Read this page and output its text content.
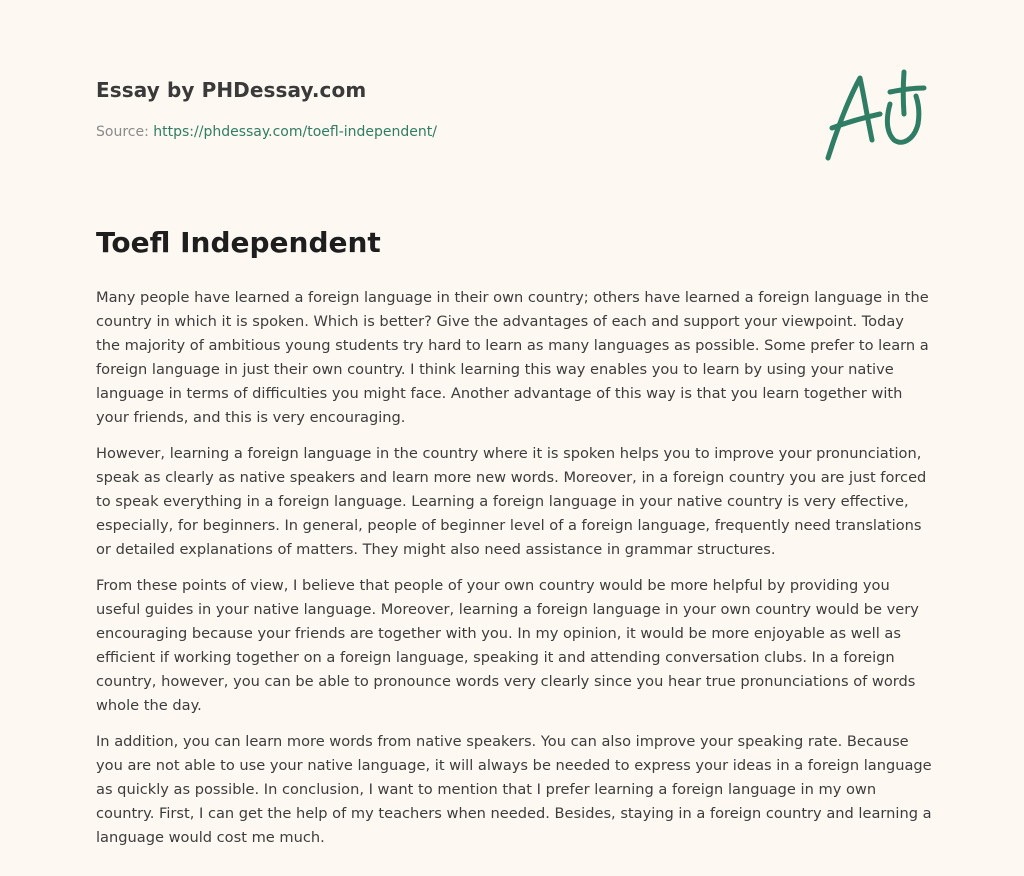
Essay by PHDessay.com
Source: https://phdessay.com/toefl-independent/
Toefl Independent

Many people have learned a foreign language in their own country; others have learned a foreign language in the country in which it is spoken. Which is better? Give the advantages of each and support your viewpoint. Today the majority of ambitious young students try hard to learn as many languages as possible. Some prefer to learn a foreign language in just their own country. I think learning this way enables you to learn by using your native language in terms of difficulties you might face. Another advantage of this way is that you learn together with your friends, and this is very encouraging.

However, learning a foreign language in the country where it is spoken helps you to improve your pronunciation, speak as clearly as native speakers and learn more new words. Moreover, in a foreign country you are just forced to speak everything in a foreign language. Learning a foreign language in your native country is very effective, especially, for beginners. In general, people of beginner level of a foreign language, frequently need translations or detailed explanations of matters. They might also need assistance in grammar structures.

From these points of view, I believe that people of your own country would be more helpful by providing you useful guides in your native language. Moreover, learning a foreign language in your own country would be very encouraging because your friends are together with you. In my opinion, it would be more enjoyable as well as efficient if working together on a foreign language, speaking it and attending conversation clubs. In a foreign country, however, you can be able to pronounce words very clearly since you hear true pronunciations of words whole the day.

In addition, you can learn more words from native speakers. You can also improve your speaking rate. Because you are not able to use your native language, it will always be needed to express your ideas in a foreign language as quickly as possible. In conclusion, I want to mention that I prefer learning a foreign language in my own country. First, I can get the help of my teachers when needed. Besides, staying in a foreign country and learning a language would cost me much.
